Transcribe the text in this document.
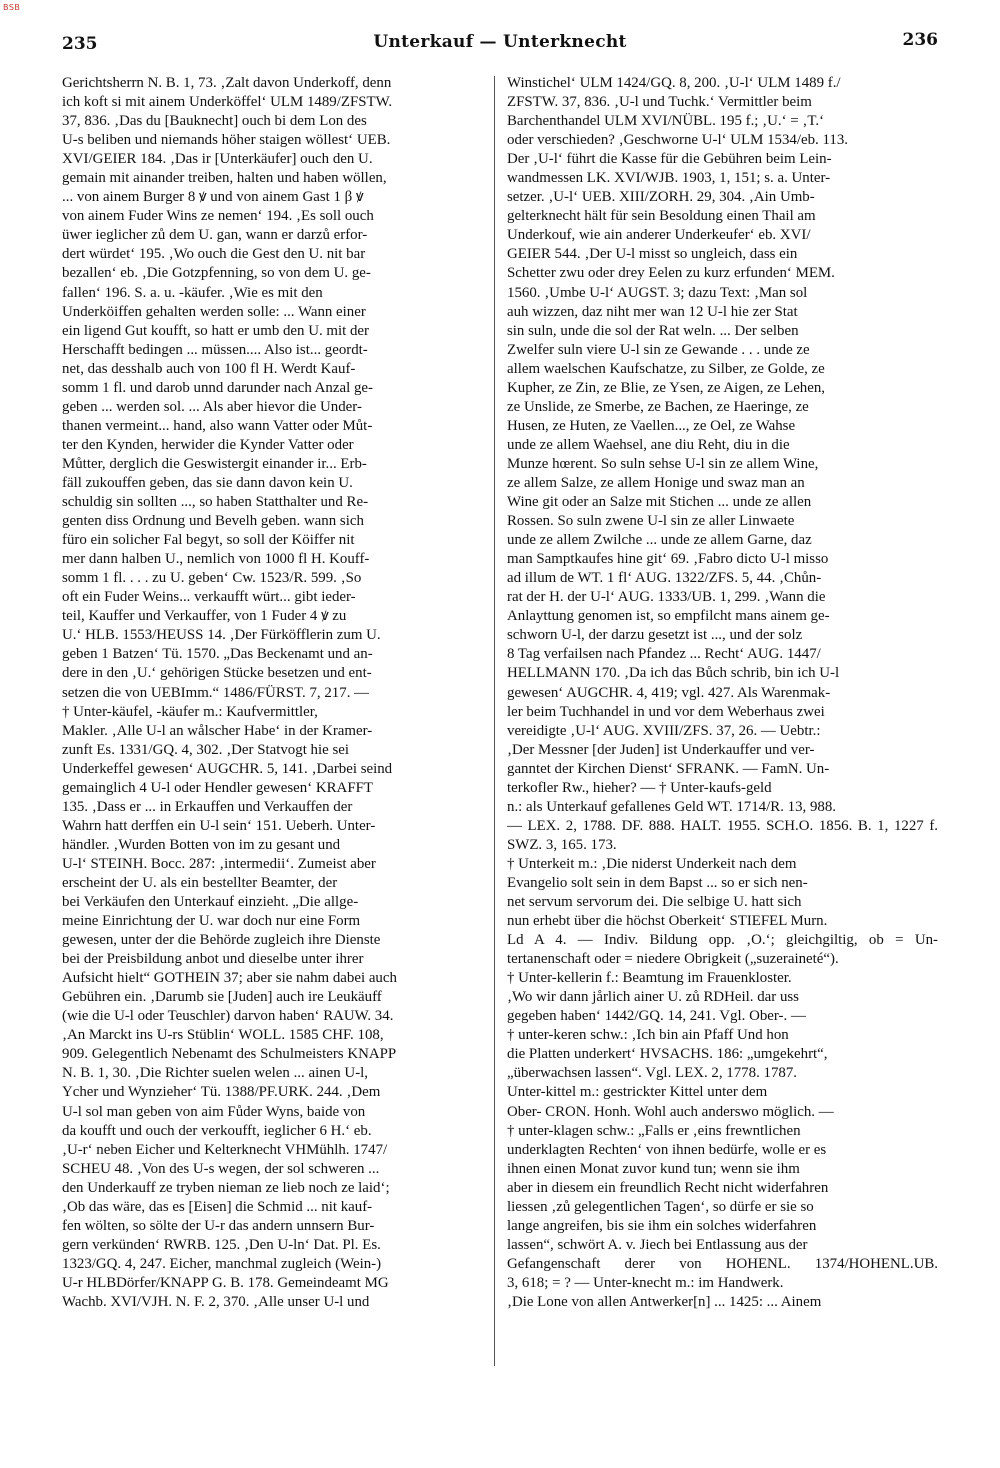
BSB
235	Unterkauf — Unterknecht	236
Gerichtsherrn N. B. 1, 73. ‚Zalt davon Underkoff, denn
ich koft si mit ainem Underköffel‘ ULM 1489/ZFSTW.
37, 836. ‚Das du [Bauknecht] ouch bi dem Lon des
U-s beliben und niemands höher staigen wöllest‘ UEB.
XVI/GEIER 184. ‚Das ir [Unterkäufer] ouch den U.
gemain mit ainander treiben, halten und haben wöllen,
... von ainem Burger 8 ꝟ und von ainem Gast 1 β ꝟ
von ainem Fuder Wins ze nemen‘ 194. ‚Es soll ouch
üwer ieglicher zů dem U. gan, wann er darzů erfor-
dert würdet‘ 195. ‚Wo ouch die Gest den U. nit bar
bezallen‘ eb. ‚Die Gotzpfenning, so von dem U. ge-
fallen‘ 196. S. a. u. -käufer. ‚Wie es mit den
Underköiffen gehalten werden solle: ... Wann einer
ein ligend Gut koufft, so hatt er umb den U. mit der
Herschafft bedingen ... müssen.... Also ist... geordt-
net, das desshalb auch von 100 fl H. Werdt Kauf-
somm 1 fl. und darob unnd darunder nach Anzal ge-
geben ... werden sol. ... Als aber hievor die Under-
thanen vermeint... hand, also wann Vatter oder Můt-
ter den Kynden, herwider die Kynder Vatter oder
Můtter, derglich die Geswistergit einander ir... Erb-
fäll zukouffen geben, das sie dann davon kein U.
schuldig sin sollten ..., so haben Statthalter und Re-
genten diss Ordnung und Bevelh geben. wann sich
füro ein solicher Fal begyt, so soll der Köiffer nit
mer dann halben U., nemlich von 1000 fl H. Kouff-
somm 1 fl. . . . zu U. geben‘ Cw. 1523/R. 599. ‚So
oft ein Fuder Weins... verkaufft würt... gibt ieder-
teil, Kauffer und Verkauffer, von 1 Fuder 4 ꝟ zu
U.‘ HLB. 1553/HEUSS 14. ‚Der Fürköfflerin zum U.
geben 1 Batzen‘ Tü. 1570. „Das Beckenamt und an-
dere in den ‚U.‘ gehörigen Stücke besetzen und ent-
setzen die von UEBImm.“ 1486/FÜRST. 7, 217. —
† Unter-käufel, -käufer m.: Kaufvermittler,
Makler. ‚Alle U-l an wålscher Habe‘ in der Kramer-
zunft Es. 1331/GQ. 4, 302. ‚Der Statvogt hie sei
Underkeffel gewesen‘ AUGCHR. 5, 141. ‚Darbei seind
gemainglich 4 U-l oder Hendler gewesen‘ KRAFFT
135. ‚Dass er ... in Erkauffen und Verkauffen der
Wahrn hatt derffen ein U-l sein‘ 151. Ueberh. Unter-
händler. ‚Wurden Botten von im zu gesant und
U-l‘ STEINH. Bocc. 287: ‚intermedii‘. Zumeist aber
erscheint der U. als ein bestellter Beamter, der
bei Verkäufen den Unterkauf einzieht. „Die allge-
meine Einrichtung der U. war doch nur eine Form
gewesen, unter der die Behörde zugleich ihre Dienste
bei der Preisbildung anbot und dieselbe unter ihrer
Aufsicht hielt“ GOTHEIN 37; aber sie nahm dabei auch
Gebühren ein. ‚Darumb sie [Juden] auch ire Leukäuff
(wie die U-l oder Teuschler) darvon haben‘ RAUW. 34.
‚An Marckt ins U-rs Stüblin‘ WOLL. 1585 CHF. 108,
909. Gelegentlich Nebenamt des Schulmeisters KNAPP
N. B. 1, 30. ‚Die Richter suelen welen ... ainen U-l,
Ycher und Wynzieher‘ Tü. 1388/PF.URK. 244. ‚Dem
U-l sol man geben von aim Fůder Wyns, baide von
da koufft und ouch der verkoufft, ieglicher 6 H.‘ eb.
‚U-r‘ neben Eicher und Kelterknecht VHMühlh. 1747/
SCHEU 48. ‚Von des U-s wegen, der sol schweren ...
den Underkauff ze tryben nieman ze lieb noch ze laid‘;
‚Ob das wäre, das es [Eisen] die Schmid ... nit kauf-
fen wölten, so sölte der U-r das andern unnsern Bur-
gern verkünden‘ RWRB. 125. ‚Den U-ln‘ Dat. Pl. Es.
1323/GQ. 4, 247. Eicher, manchmal zugleich (Wein-)
U-r HLBDörfer/KNAPP G. B. 178. Gemeindeamt MG
Wachb. XVI/VJH. N. F. 2, 370. ‚Alle unser U-l und
Winstichel‘ ULM 1424/GQ. 8, 200. ‚U-l‘ ULM 1489 f./
ZFSTW. 37, 836. ‚U-l und Tuchk.‘ Vermittler beim
Barchenthandel ULM XVI/NÜBL. 195 f.; ‚U.‘ = ‚T.‘
oder verschieden? ‚Geschworne U-l‘ ULM 1534/eb. 113.
Der ‚U-l‘ führt die Kasse für die Gebühren beim Lein-
wandmessen LK. XVI/WJB. 1903, 1, 151; s. a. Unter-
setzer. ‚U-l‘ UEB. XIII/ZORH. 29, 304. ‚Ain Umb-
gelterknecht hält für sein Besoldung einen Thail am
Underkouf, wie ain anderer Underkeufer‘ eb. XVI/
GEIER 544. ‚Der U-l misst so ungleich, dass ein
Schetter zwu oder drey Eelen zu kurz erfunden‘ MEM.
1560. ‚Umbe U-l‘ AUGST. 3; dazu Text: ‚Man sol
auh wizzen, daz niht mer wan 12 U-l hie zer Stat
sin suln, unde die sol der Rat weln. ... Der selben
Zwelfer suln viere U-l sin ze Gewande . . . unde ze
allem waelschen Kaufschatze, zu Silber, ze Golde, ze
Kupher, ze Zin, ze Blie, ze Ysen, ze Aigen, ze Lehen,
ze Unslide, ze Smerbe, ze Bachen, ze Haeringe, ze
Husen, ze Huten, ze Vaellen..., ze Oel, ze Wahse
unde ze allem Waehsel, ane diu Reht, diu in die
Munze hœrent. So suln sehse U-l sin ze allem Wine,
ze allem Salze, ze allem Honige und swaz man an
Wine git oder an Salze mit Stichen ... unde ze allen
Rossen. So suln zwene U-l sin ze aller Linwaete
unde ze allem Zwilche ... unde ze allem Garne, daz
man Samptkaufes hine git‘ 69. ‚Fabro dicto U-l misso
ad illum de WT. 1 fl‘ AUG. 1322/ZFS. 5, 44. ‚Chůn-
rat der H. der U-l‘ AUG. 1333/UB. 1, 299. ‚Wann die
Anlayttung genomen ist, so empfilcht mans ainem ge-
schworn U-l, der darzu gesetzt ist ..., und der solz
8 Tag verfailsen nach Pfandez ... Recht‘ AUG. 1447/
HELLMANN 170. ‚Da ich das Bůch schrib, bin ich U-l
gewesen‘ AUGCHR. 4, 419; vgl. 427. Als Warenmak-
ler beim Tuchhandel in und vor dem Weberhaus zwei
vereidigte ‚U-l‘ AUG. XVIII/ZFS. 37, 26. — Uebtr.:
‚Der Messner [der Juden] ist Underkauffer und ver-
ganntet der Kirchen Dienst‘ SFRANK. — FamN. Un-
terkofler Rw., hieher? — † Unter-kaufs-geld
n.: als Unterkauf gefallenes Geld WT. 1714/R. 13, 988.
— LEX. 2, 1788. DF. 888. HALT. 1955. SCH.O. 1856. B. 1, 1227 f.
SWZ. 3, 165. 173.
† Unterkeit m.: ‚Die niderst Underkeit nach dem
Evangelio solt sein in dem Bapst ... so er sich nen-
net servum servorum dei. Die selbige U. hatt sich
nun erhebt über die höchst Oberkeit‘ STIEFEL Murn.
Ld A 4. — Indiv. Bildung opp. ‚O.‘; gleichgiltig, ob = Un-
tertanenschaft oder = niedere Obrigkeit („suzeraineté“).
† Unter-kellerin f.: Beamtung im Frauenkloster.
‚Wo wir dann jårlich ainer U. zů RDHeil. dar uss
gegeben haben‘ 1442/GQ. 14, 241. Vgl. Ober-. —
† unter-keren schw.: ‚Ich bin ain Pfaff Und hon
die Platten underkert‘ HVSACHS. 186: „umgekehrt“,
„überwachsen lassen“. Vgl. LEX. 2, 1778. 1787.
Unter-kittel m.: gestrickter Kittel unter dem
Ober- CRON. Honh. Wohl auch anderswo möglich. —
† unter-klagen schw.: „Falls er ‚eins frewntlichen
underklagten Rechten‘ von ihnen bedürfe, wolle er es
ihnen einen Monat zuvor kund tun; wenn sie ihm
aber in diesem ein freundlich Recht nicht widerfahren
liessen ‚zů gelegentlichen Tagen‘, so dürfe er sie so
lange angreifen, bis sie ihm ein solches widerfahren
lassen“, schwört A. v. Jiech bei Entlassung aus der
Gefangenschaft derer von HOHENL. 1374/HOHENL.UB.
3, 618; = ? — Unter-knecht m.: im Handwerk.
‚Die Lone von allen Antwerker[n] ... 1425: ... Ainem
